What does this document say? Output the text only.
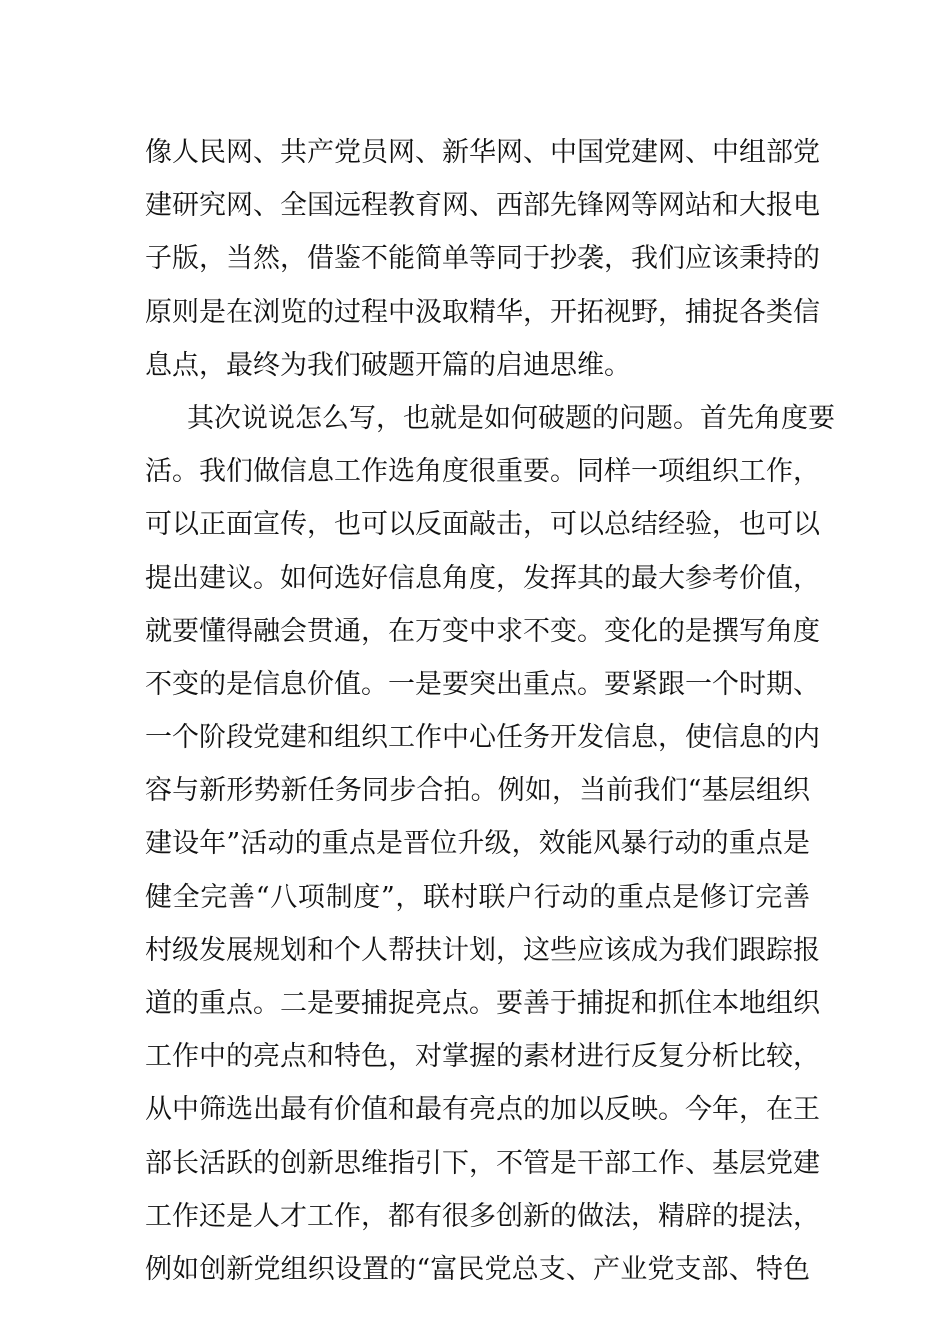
像人民网、共产党员网、新华网、中国党建网、中组部党
建研究网、全国远程教育网、西部先锋网等网站和大报电
子版，当然，借鉴不能简单等同于抄袭，我们应该秉持的
原则是在浏览的过程中汲取精华，开拓视野，捕捉各类信
息点，最终为我们破题开篇的启迪思维。
其次说说怎么写，也就是如何破题的问题。首先角度要
活。我们做信息工作选角度很重要。同样一项组织工作，
可以正面宣传，也可以反面敲击，可以总结经验，也可以
提出建议。如何选好信息角度，发挥其的最大参考价值，
就要懂得融会贯通，在万变中求不变。变化的是撰写角度
不变的是信息价值。一是要突出重点。要紧跟一个时期、
一个阶段党建和组织工作中心任务开发信息，使信息的内
容与新形势新任务同步合拍。例如，当前我们“基层组织
建设年”活动的重点是晋位升级，效能风暴行动的重点是
健全完善“八项制度”，联村联户行动的重点是修订完善
村级发展规划和个人帮扶计划，这些应该成为我们跟踪报
道的重点。二是要捕捉亮点。要善于捕捉和抓住本地组织
工作中的亮点和特色，对掌握的素材进行反复分析比较，
从中筛选出最有价值和最有亮点的加以反映。今年，在王
部长活跃的创新思维指引下，不管是干部工作、基层党建
工作还是人才工作，都有很多创新的做法，精辟的提法，
例如创新党组织设置的“富民党总支、产业党支部、特色
